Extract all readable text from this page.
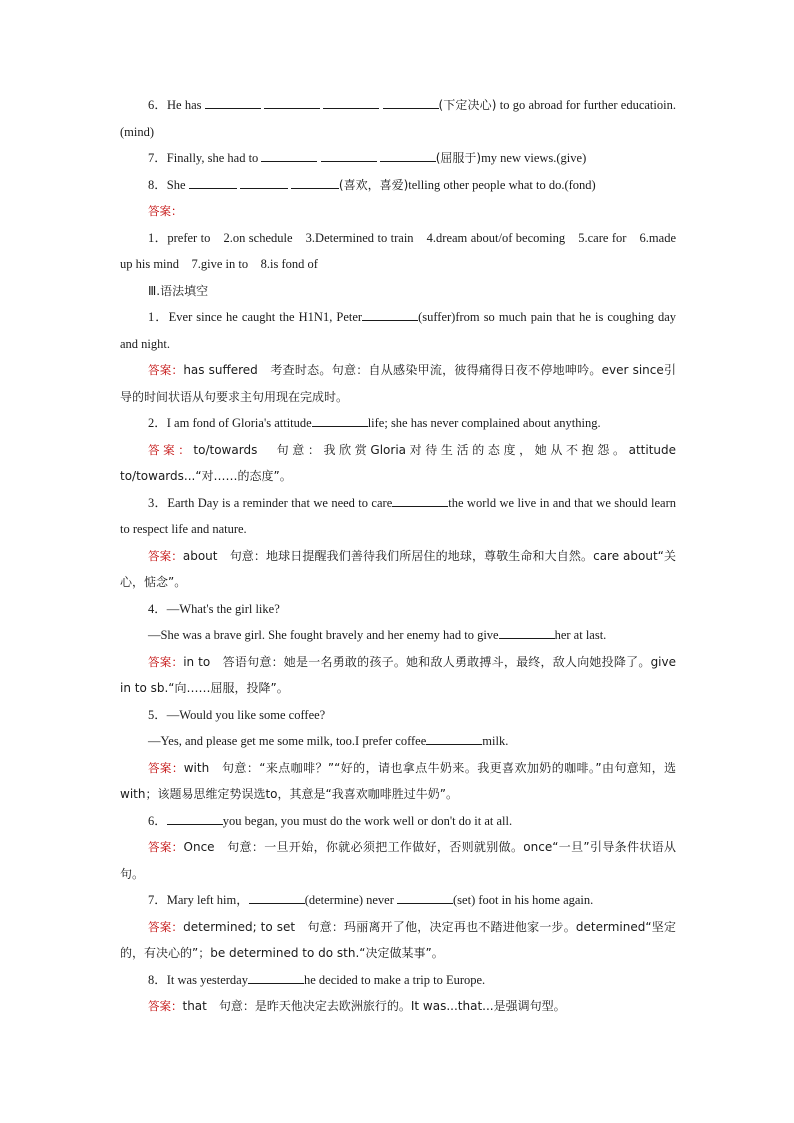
6．He has	(下定决心) to go abroad for further educatioin.(mind)

7．Finally, she had to	(屈服于)my new views.(give)

8．She	(喜欢，喜爱)telling other people what to do.(fond)

答案：

1．prefer to　2.on schedule　3.Determined to train　4.dream about/of becoming　5.care for　6.made up his mind　7.give in to　8.is fond of

Ⅲ.语法填空

1．Ever since he caught the H1N1, Peter	(suffer)from so much pain that he is coughing day and night.

答案：has suffered　考查时态。句意：自从感染甲流，彼得痛得日夜不停地呻吟。ever since引导的时间状语从句要求主句用现在完成时。

2．I am fond of Gloria's attitude	life; she has never complained about anything.

答案：to/towards　句意：我欣赏Gloria对待生活的态度，她从不抱怨。attitude to/towards...“对……的态度”。

3．Earth Day is a reminder that we need to care	the world we live in and that we should learn to respect life and nature.

答案：about　句意：地球日提醒我们善待我们所居住的地球，尊敬生命和大自然。care about“关心，惦念”。

4．—What's the girl like?

—She was a brave girl. She fought bravely and her enemy had to give	her at last.

答案：in to　答语句意：她是一名勇敢的孩子。她和敌人勇敢搏斗，最终，敌人向她投降了。give in to sb.“向……屈服，投降”。

5．—Would you like some coffee?

—Yes, and please get me some milk, too.I prefer coffee	milk.

答案：with　句意：“来点咖啡？”“好的，请也拿点牛奶来。我更喜欢加奶的咖啡。”由句意知，选with；该题易思维定势误选to，其意是“我喜欢咖啡胜过牛奶”。

6．	you began, you must do the work well or don't do it at all.

答案：Once　句意：一旦开始，你就必须把工作做好，否则就别做。once“一旦”引导条件状语从句。

7．Mary left him，	(determine) never	(set) foot in his home again.

答案：determined; to set　句意：玛丽离开了他，决定再也不踏进他家一步。determined“坚定的，有决心的”；be determined to do sth.“决定做某事”。

8．It was yesterday	he decided to make a trip to Europe.

答案：that　句意：是昨天他决定去欧洲旅行的。It was...that...是强调句型。
